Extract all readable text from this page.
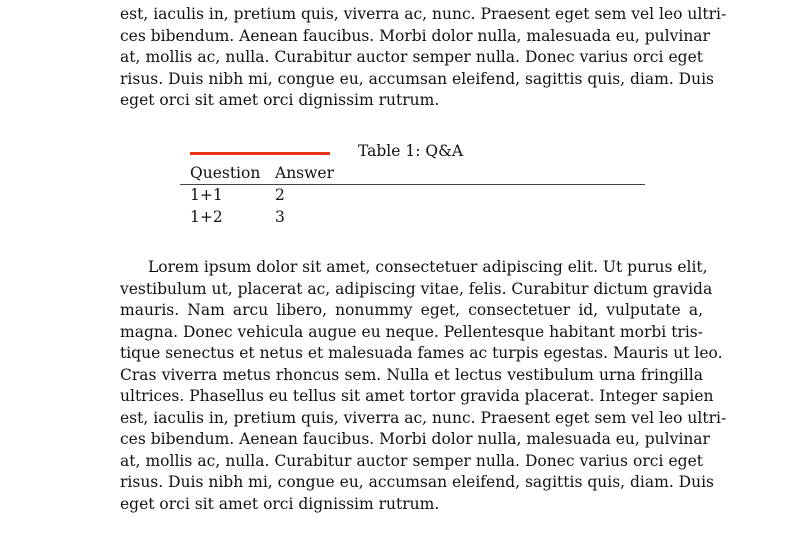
est, iaculis in, pretium quis, viverra ac, nunc. Praesent eget sem vel leo ultri-
ces bibendum. Aenean faucibus. Morbi dolor nulla, malesuada eu, pulvinar
at, mollis ac, nulla. Curabitur auctor semper nulla. Donec varius orci eget
risus. Duis nibh mi, congue eu, accumsan eleifend, sagittis quis, diam. Duis
eget orci sit amet orci dignissim rutrum.
Table 1: Q&A
Question Answer
1+1	2
1+2	3
Lorem ipsum dolor sit amet, consectetuer adipiscing elit. Ut purus elit,
vestibulum ut, placerat ac, adipiscing vitae, felis. Curabitur dictum gravida
mauris. Nam arcu libero, nonummy eget, consectetuer id, vulputate a,
magna. Donec vehicula augue eu neque. Pellentesque habitant morbi tris-
tique senectus et netus et malesuada fames ac turpis egestas. Mauris ut leo.
Cras viverra metus rhoncus sem. Nulla et lectus vestibulum urna fringilla
ultrices. Phasellus eu tellus sit amet tortor gravida placerat. Integer sapien
est, iaculis in, pretium quis, viverra ac, nunc. Praesent eget sem vel leo ultri-
ces bibendum. Aenean faucibus. Morbi dolor nulla, malesuada eu, pulvinar
at, mollis ac, nulla. Curabitur auctor semper nulla. Donec varius orci eget
risus. Duis nibh mi, congue eu, accumsan eleifend, sagittis quis, diam. Duis
eget orci sit amet orci dignissim rutrum.
